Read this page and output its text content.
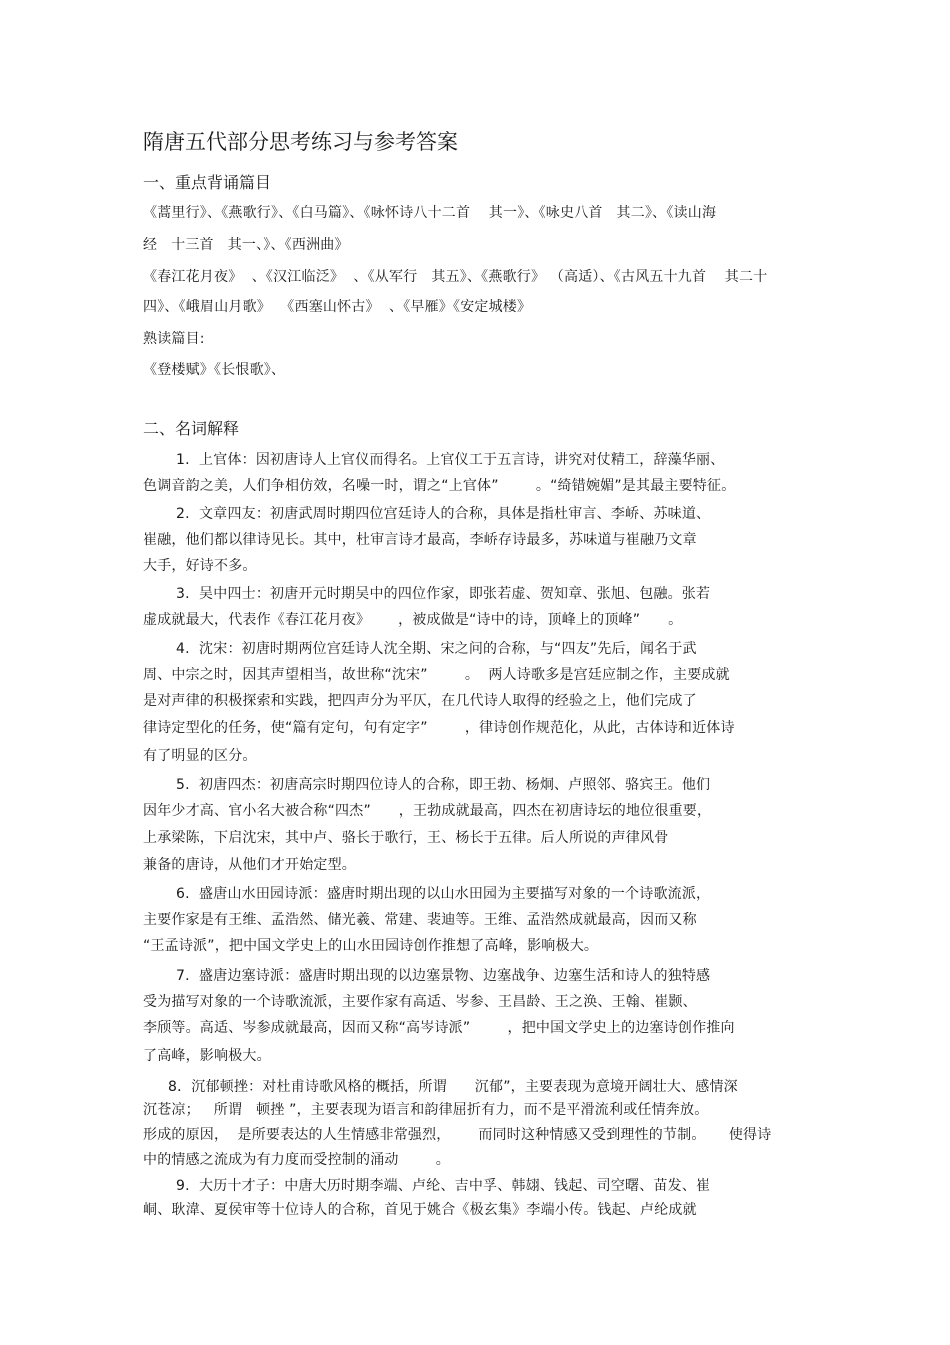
隋唐五代部分思考练习与参考答案
一、重点背诵篇目
《蒿里行》、《燕歌行》、《白马篇》、《咏怀诗八十二首    其一》、《咏史八首   其二》、《读山海
经   十三首   其一、》、《西洲曲》
《春江花月夜》  、《汉江临泛》  、《从军行   其五》、《燕歌行》 （高适）、《古风五十九首    其二十
四》、《峨眉山月歌》  《西塞山怀古》  、《早雁》《安定城楼》
熟读篇目:
《登楼赋》《长恨歌》、
二、名词解释
1.  上官体：因初唐诗人上官仪而得名。上官仪工于五言诗，讲究对仗精工，辞藻华丽、
色调音韵之美，人们争相仿效，名噪一时，谓之“上官体”        。“绮错婉媚”是其最主要特征。
2.  文章四友：初唐武周时期四位宫廷诗人的合称，具体是指杜审言、李峤、苏味道、
崔融，他们都以律诗见长。其中，杜审言诗才最高，李峤存诗最多，苏味道与崔融乃文章
大手，好诗不多。
3.  吴中四士：初唐开元时期吴中的四位作家，即张若虚、贺知章、张旭、包融。张若
虚成就最大，代表作《春江花月夜》      ，被成做是“诗中的诗，顶峰上的顶峰”      。
4.  沈宋：初唐时期两位宫廷诗人沈全期、宋之问的合称，与“四友”先后，闻名于武
周、中宗之时，因其声望相当，故世称“沈宋”        。  两人诗歌多是宫廷应制之作，主要成就
是对声律的积极探索和实践，把四声分为平仄，在几代诗人取得的经验之上，他们完成了
律诗定型化的任务，使“篇有定句，句有定字”        ，律诗创作规范化，从此，古体诗和近体诗
有了明显的区分。
5.  初唐四杰：初唐高宗时期四位诗人的合称，即王勃、杨炯、卢照邻、骆宾王。他们
因年少才高、官小名大被合称“四杰”      ，王勃成就最高，四杰在初唐诗坛的地位很重要，
上承梁陈，下启沈宋，其中卢、骆长于歌行，王、杨长于五律。后人所说的声律风骨
兼备的唐诗，从他们才开始定型。
6.  盛唐山水田园诗派：盛唐时期出现的以山水田园为主要描写对象的一个诗歌流派，
主要作家是有王维、孟浩然、储光羲、常建、裴迪等。王维、孟浩然成就最高，因而又称
“王孟诗派”，把中国文学史上的山水田园诗创作推想了高峰，影响极大。
7.  盛唐边塞诗派：盛唐时期出现的以边塞景物、边塞战争、边塞生活和诗人的独特感
受为描写对象的一个诗歌流派，主要作家有高适、岑参、王昌龄、王之涣、王翰、崔颢、
李颀等。高适、岑参成就最高，因而又称“高岑诗派”        ，把中国文学史上的边塞诗创作推向
了高峰，影响极大。
8．沉郁顿挫：对杜甫诗歌风格的概括，所谓      沉郁”，主要表现为意境开阔壮大、感情深
沉苍凉；   所谓   顿挫 ”，主要表现为语言和韵律屈折有力，而不是平滑流利或任情奔放。
形成的原因，  是所要表达的人生情感非常强烈，      而同时这种情感又受到理性的节制。     使得诗
中的情感之流成为有力度而受控制的涌动        。
9.  大历十才子：中唐大历时期李端、卢纶、吉中孚、韩翃、钱起、司空曙、苗发、崔
峒、耿湋、夏侯审等十位诗人的合称，首见于姚合《极玄集》李端小传。钱起、卢纶成就
